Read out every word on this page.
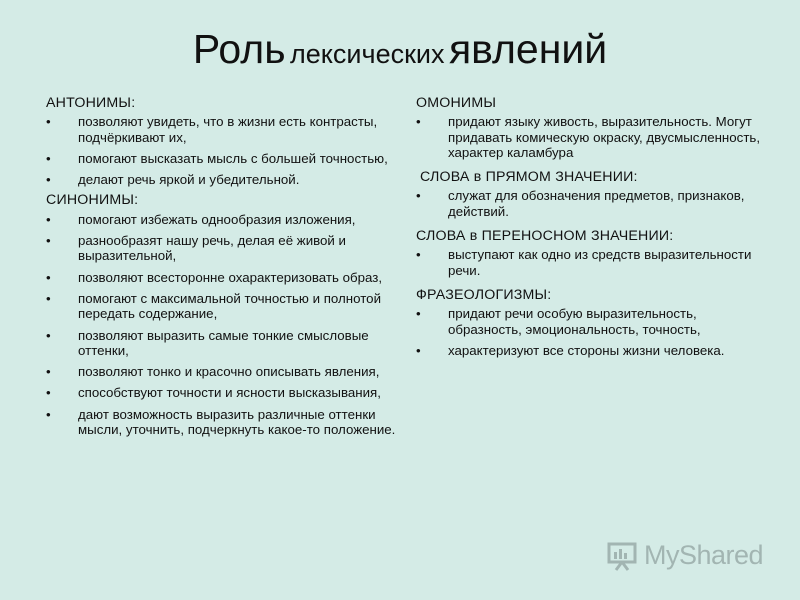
Роль лексических явлений
АНТОНИМЫ:
• позволяют увидеть, что в жизни есть контрасты, подчёркивают их,
• помогают высказать мысль с большей точностью,
• делают речь яркой и убедительной.
СИНОНИМЫ:
• помогают избежать однообразия изложения,
• разнообразят нашу речь, делая её живой и выразительной,
• позволяют всесторонне охарактеризовать образ,
• помогают с максимальной точностью и полнотой передать содержание,
• позволяют выразить самые тонкие смысловые оттенки,
• позволяют тонко и красочно описывать явления,
• способствуют точности и ясности высказывания,
• дают возможность выразить различные оттенки мысли, уточнить, подчеркнуть какое-то положение.
ОМОНИМЫ
• придают языку живость, выразительность. Могут придавать комическую окраску, двусмысленность, характер каламбура
СЛОВА в ПРЯМОМ ЗНАЧЕНИИ:
• служат для обозначения предметов, признаков, действий.
СЛОВА в ПЕРЕНОСНОМ ЗНАЧЕНИИ:
• выступают как одно из средств выразительности речи.
ФРАЗЕОЛОГИЗМЫ:
• придают речи особую выразительность, образность, эмоциональность, точность,
• характеризуют все стороны жизни человека.
MyShared
